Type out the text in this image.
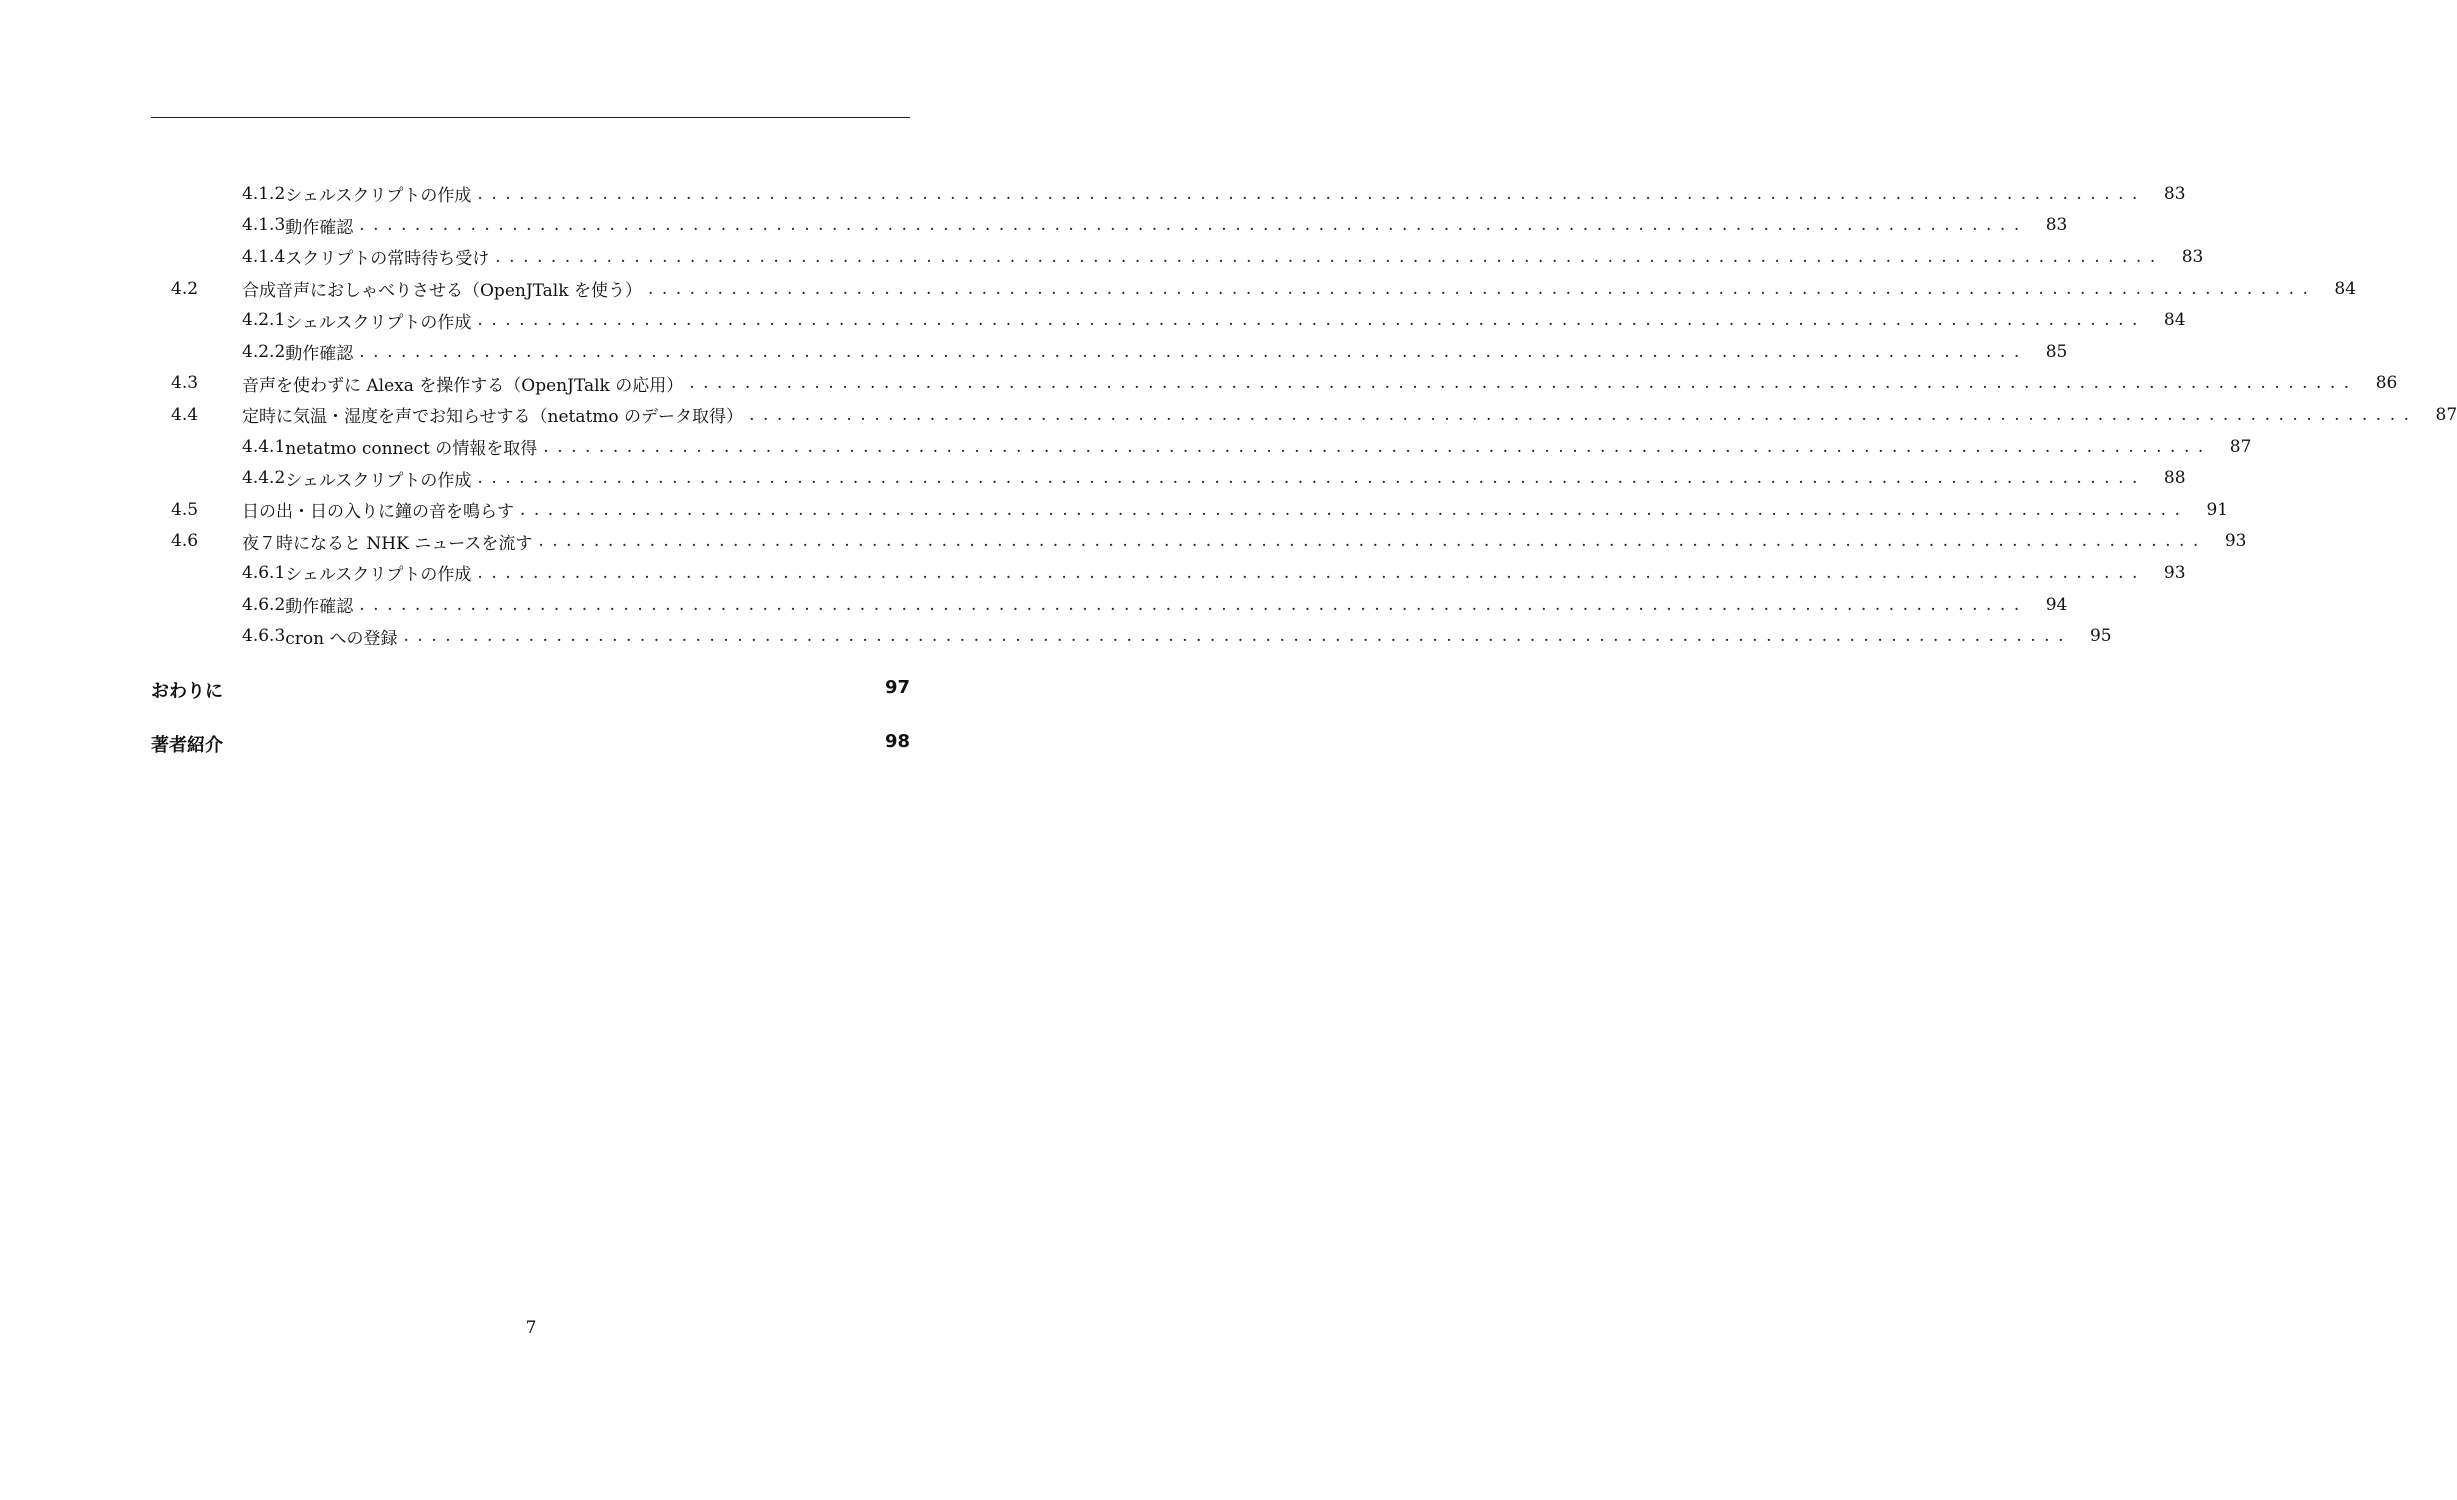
4.1.2 シェルスクリプトの作成 ........................................................................................................................ 83
4.1.3 動作確認 ........................................................................................................................ 83
4.1.4 スクリプトの常時待ち受け ........................................................................................................................ 83
4.2	合成音声におしゃべりさせる（OpenJTalk を使う） ........................................................................................................................ 84
4.2.1 シェルスクリプトの作成 ........................................................................................................................ 84
4.2.2 動作確認 ........................................................................................................................ 85
4.3	音声を使わずに Alexa を操作する（OpenJTalk の応用） ........................................................................................................................ 86
4.4	定時に気温・湿度を声でお知らせする（netatmo のデータ取得） ........................................................................................................................ 87
4.4.1 netatmo connect の情報を取得 ........................................................................................................................ 87
4.4.2 シェルスクリプトの作成 ........................................................................................................................ 88
4.5	日の出・日の入りに鐘の音を鳴らす ........................................................................................................................ 91
4.6	夜７時になると NHK ニュースを流す ........................................................................................................................ 93
4.6.1 シェルスクリプトの作成 ........................................................................................................................ 93
4.6.2 動作確認 ........................................................................................................................ 94
4.6.3 cron への登録 ........................................................................................................................ 95
おわりに	97
著者紹介	98
7
